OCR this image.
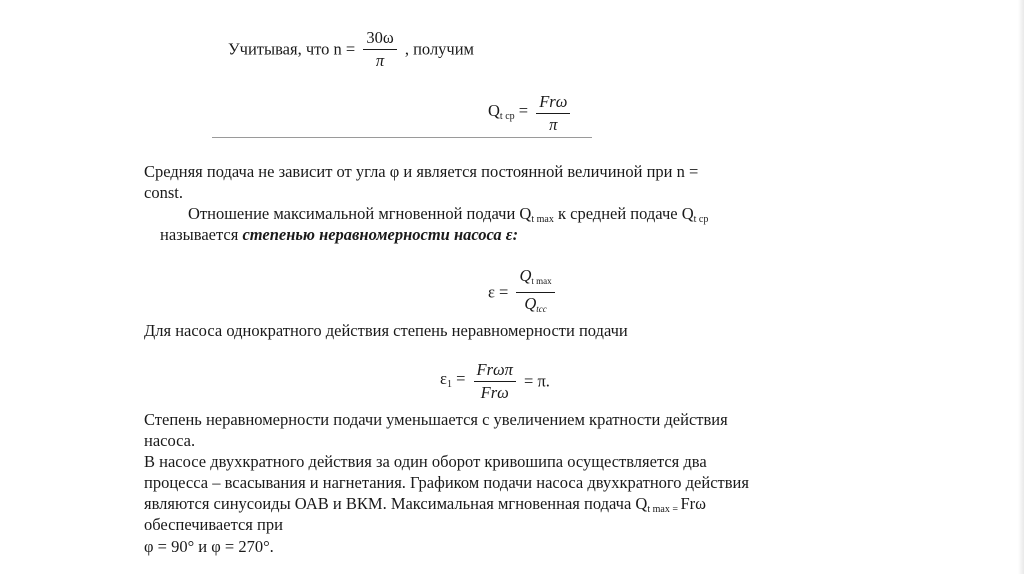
Учитывая, что $n = \frac{30\omega}{\pi}$ , получим
$Q_{t ср} = \frac{\text{Frω}}{\pi}$
Средняя подача не зависит от угла φ и является постоянной величиной при n =
const.
Отношение максимальной мгновенной подачи $Q_{t max}$ к средней подаче $Q_{t ср}$
называется степенью неравномерности насоса ε:
$\varepsilon = \frac{Q_{t max}}{Q_{tcc}}$
Для насоса однократного действия степень неравномерности подачи
$\varepsilon_1 = \frac{\text{Frωπ}}{\text{Frω}} = \pi$.
Степень неравномерности подачи уменьшается с увеличением кратности действия
насоса.
В насосе двухкратного действия за один оборот кривошипа осуществляется два
процесса – всасывания и нагнетания. Графиком подачи насоса двухкратного действия
являются синусоиды ОАВ и ВКМ. Максимальная мгновенная подача $Q_{t max =}$ Frω
обеспечивается при
φ = 90° и φ = 270°.
